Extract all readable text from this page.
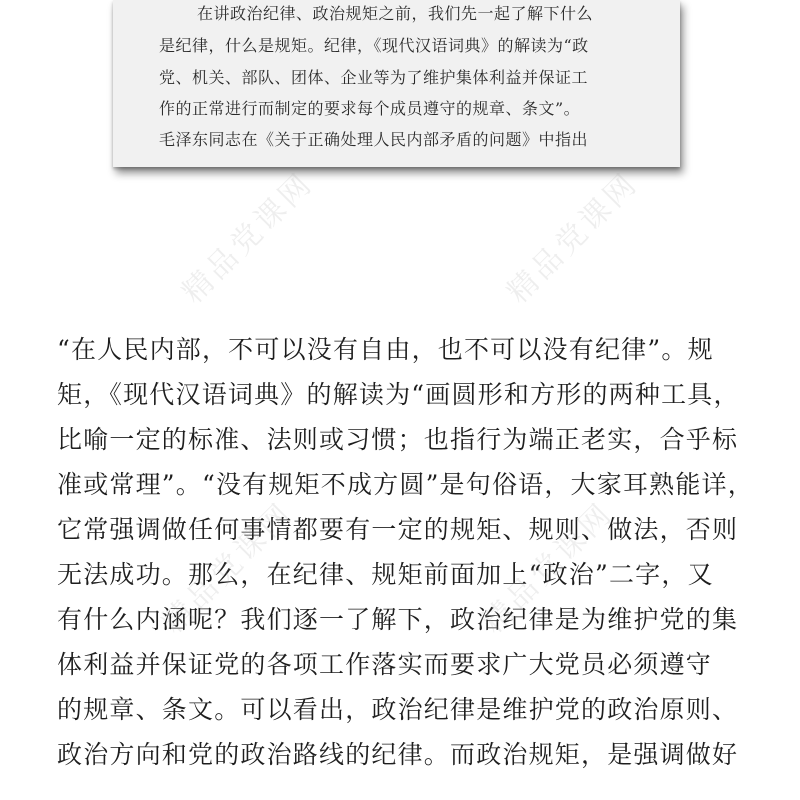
在讲政治纪律、政治规矩之前，我们先一起了解下什么
是纪律，什么是规矩。纪律，《现代汉语词典》的解读为“政
党、机关、部队、团体、企业等为了维护集体利益并保证工
作的正常进行而制定的要求每个成员遵守的规章、条文”。
毛泽东同志在《关于正确处理人民内部矛盾的问题》中指出
“在人民内部，不可以没有自由，也不可以没有纪律”。规
矩，《现代汉语词典》的解读为“画圆形和方形的两种工具，
比喻一定的标准、法则或习惯；也指行为端正老实，合乎标
准或常理”。“没有规矩不成方圆”是句俗语，大家耳熟能详，
它常强调做任何事情都要有一定的规矩、规则、做法，否则
无法成功。那么，在纪律、规矩前面加上“政治”二字，又
有什么内涵呢？我们逐一了解下，政治纪律是为维护党的集
体利益并保证党的各项工作落实而要求广大党员必须遵守
的规章、条文。可以看出，政治纪律是维护党的政治原则、
政治方向和党的政治路线的纪律。而政治规矩，是强调做好
精品党课网	精品党课网
精品党课网	精品党课网
